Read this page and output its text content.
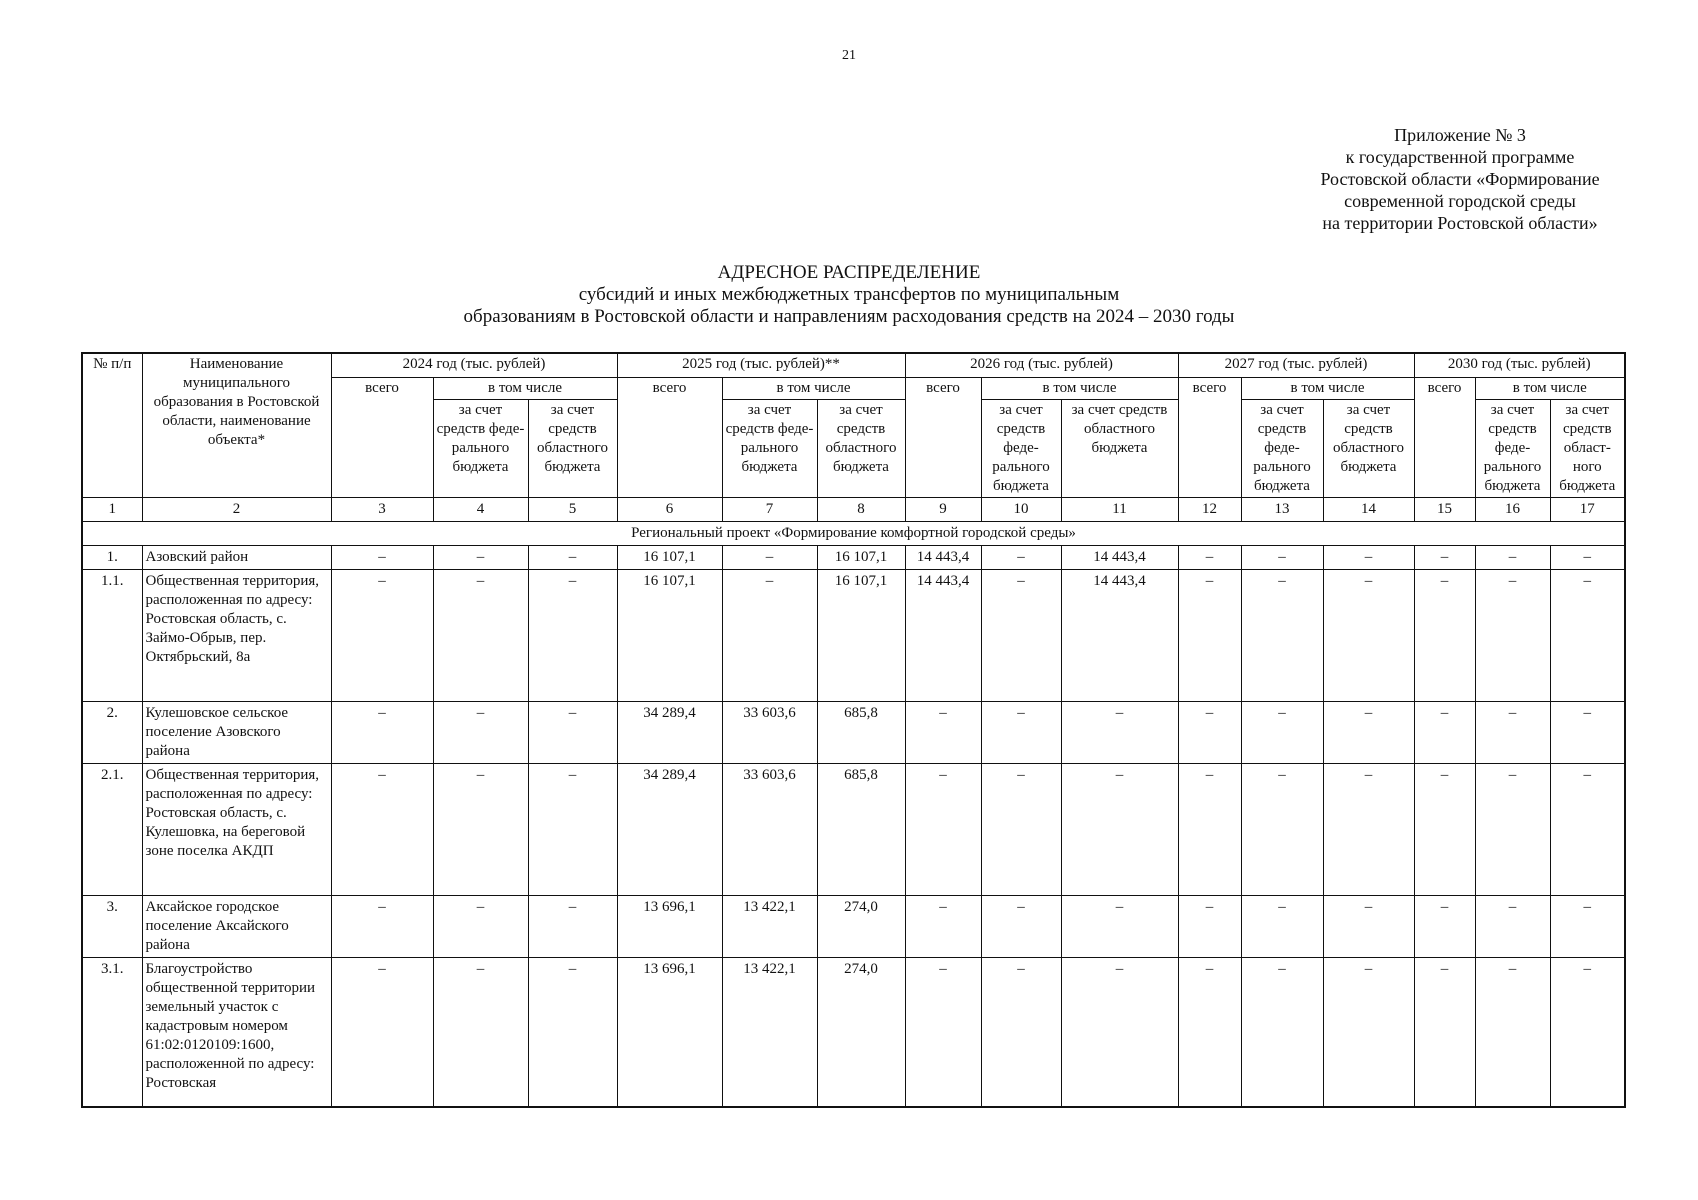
21
Приложение № 3
к государственной программе
Ростовской области «Формирование
современной городской среды
на территории Ростовской области»
АДРЕСНОЕ РАСПРЕДЕЛЕНИЕ
субсидий и иных межбюджетных трансфертов по муниципальным
образованиям в Ростовской области и направлениям расходования средств на 2024 – 2030 годы
№ п/п	Наименование муниципального образования в Ростовской области, наименование объекта*	2024 год (тыс. рублей)			2025 год (тыс. рублей)**			2026 год (тыс. рублей)			2027 год (тыс. рублей)			2030 год (тыс. рублей)		
		всего	в том числе		всего	в том числе		всего	в том числе		всего	в том числе		всего	в том числе	
			за счет средств феде-рального бюджета	за счет средств областного бюджета		за счет средств феде-рального бюджета	за счет средств областного бюджета		за счет средств феде-рального бюджета	за счет средств областного бюджета		за счет средств феде-рального бюджета	за счет средств областного бюджета		за счет средств феде-рального бюджета	за счет средств област-ного бюджета
1	2	3	4	5	6	7	8	9	10	11	12	13	14	15	16	17
Региональный проект «Формирование комфортной городской среды»																
1.	Азовский район	–	–	–	16 107,1	–	16 107,1	14 443,4	–	14 443,4	–	–	–	–	–	–
1.1.	Общественная территория, расположенная по адресу: Ростовская область, с. Займо-Обрыв, пер. Октябрьский, 8а	–	–	–	16 107,1	–	16 107,1	14 443,4	–	14 443,4	–	–	–	–	–	–
2.	Кулешовское сельское поселение Азовского района	–	–	–	34 289,4	33 603,6	685,8	–	–	–	–	–	–	–	–	–
2.1.	Общественная территория, расположенная по адресу: Ростовская область, с. Кулешовка, на береговой зоне поселка АКДП	–	–	–	34 289,4	33 603,6	685,8	–	–	–	–	–	–	–	–	–
3.	Аксайское городское поселение Аксайского района	–	–	–	13 696,1	13 422,1	274,0	–	–	–	–	–	–	–	–	–
3.1.	Благоустройство общественной территории земельный участок с кадастровым номером 61:02:0120109:1600, расположенной по адресу: Ростовская	–	–	–	13 696,1	13 422,1	274,0	–	–	–	–	–	–	–	–	–
